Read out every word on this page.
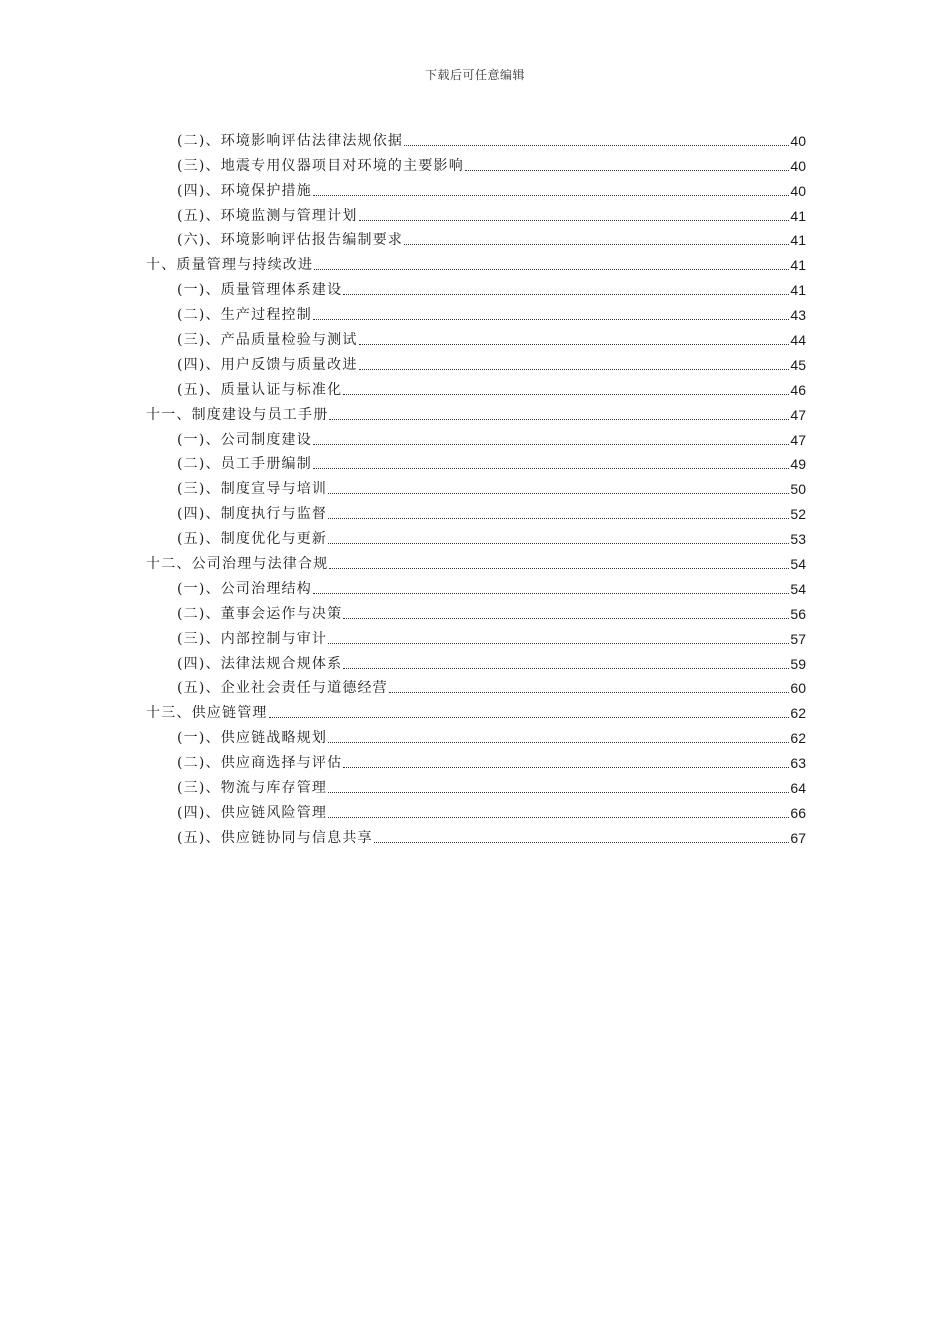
下载后可任意编辑
(二)、环境影响评估法律法规依据	40
(三)、地震专用仪器项目对环境的主要影响	40
(四)、环境保护措施	40
(五)、环境监测与管理计划	41
(六)、环境影响评估报告编制要求	41
十、质量管理与持续改进	41
(一)、质量管理体系建设	41
(二)、生产过程控制	43
(三)、产品质量检验与测试	44
(四)、用户反馈与质量改进	45
(五)、质量认证与标准化	46
十一、制度建设与员工手册	47
(一)、公司制度建设	47
(二)、员工手册编制	49
(三)、制度宣导与培训	50
(四)、制度执行与监督	52
(五)、制度优化与更新	53
十二、公司治理与法律合规	54
(一)、公司治理结构	54
(二)、董事会运作与决策	56
(三)、内部控制与审计	57
(四)、法律法规合规体系	59
(五)、企业社会责任与道德经营	60
十三、供应链管理	62
(一)、供应链战略规划	62
(二)、供应商选择与评估	63
(三)、物流与库存管理	64
(四)、供应链风险管理	66
(五)、供应链协同与信息共享	67
